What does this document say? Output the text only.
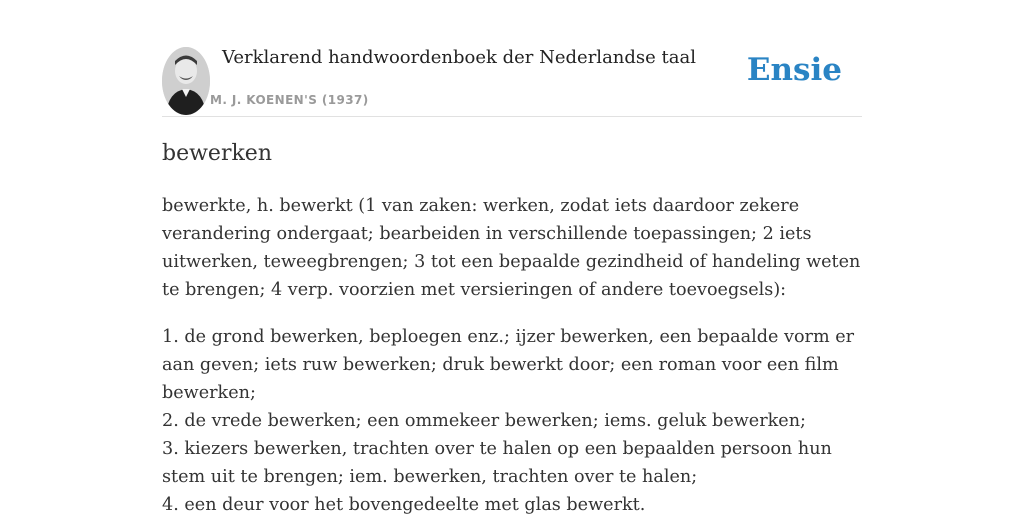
Verklarend handwoordenboek der Nederlandse taal
M. J. KOENEN'S (1937)
Ensie
bewerken

bewerkte, h. bewerkt (1 van zaken: werken, zodat iets daardoor zekere verandering ondergaat; bearbeiden in verschillende toepassingen; 2 iets uitwerken, teweegbrengen; 3 tot een bepaalde gezindheid of handeling weten te brengen; 4 verp. voorzien met versieringen of andere toevoegsels):

1. de grond bewerken, beploegen enz.; ijzer bewerken, een bepaalde vorm er aan geven; iets ruw bewerken; druk bewerkt door; een roman voor een film bewerken;
2. de vrede bewerken; een ommekeer bewerken; iems. geluk bewerken;
3. kiezers bewerken, trachten over te halen op een bepaalden persoon hun stem uit te brengen; iem. bewerken, trachten over te halen;
4. een deur voor het bovengedeelte met glas bewerkt.
